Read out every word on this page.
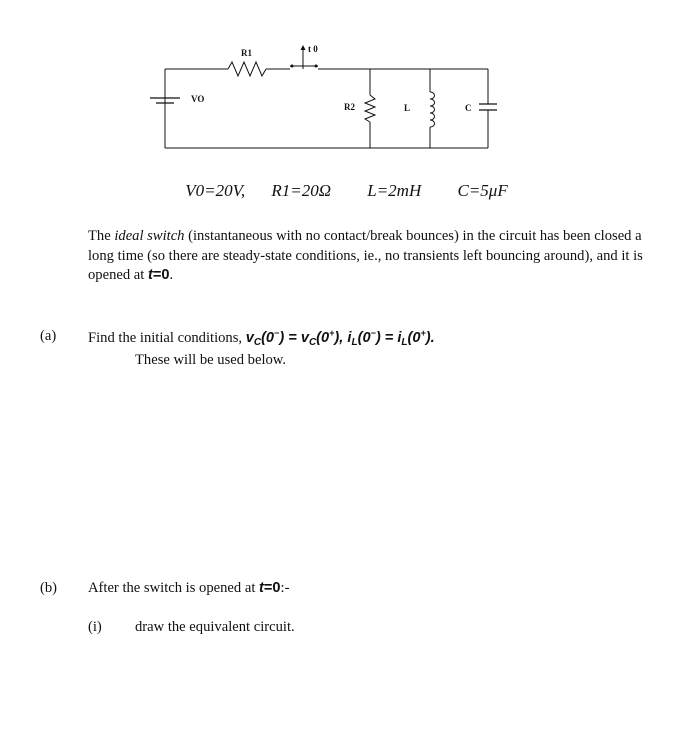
R1	t 0
VO
R2	L	C
V0=20V, R1=20Ω L=2mH C=5μF
The ideal switch (instantaneous with no contact/break bounces) in the circuit has been closed a long time (so there are steady-state conditions, ie., no transients left bouncing around), and it is opened at t=0.
(a) Find the initial conditions, $v_C(0^-) = v_C(0^+)$, $i_L(0^-) = i_L(0^+)$.
These will be used below.
(b) After the switch is opened at t=0:-
(i) draw the equivalent circuit.
